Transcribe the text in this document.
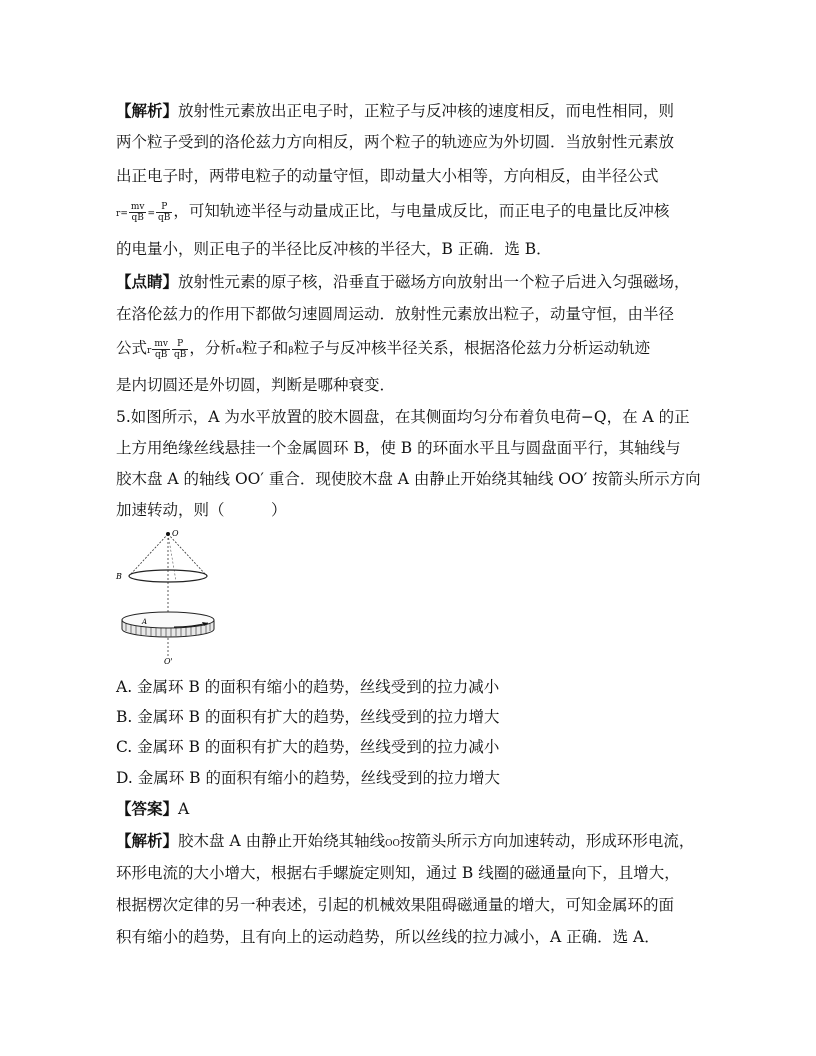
【解析】放射性元素放出正电子时，正粒子与反冲核的速度相反，而电性相同，则
两个粒子受到的洛伦兹力方向相反，两个粒子的轨迹应为外切圆．当放射性元素放
出正电子时，两带电粒子的动量守恒，即动量大小相等，方向相反，由半径公式
$r= \frac{mv}{qB} = \frac{P}{qB}$ ，可知轨迹半径与动量成正比，与电量成反比，而正电子的电量比反冲核
的电量小，则正电子的半径比反冲核的半径大，B 正确．选 B．
【点睛】放射性元素的原子核，沿垂直于磁场方向放射出一个粒子后进入匀强磁场，
在洛伦兹力的作用下都做匀速圆周运动．放射性元素放出粒子，动量守恒，由半径
公式r $\frac{mv}{qB} \frac{P}{qB}$ ，分析α粒子和β粒子与反冲核半径关系，根据洛伦兹力分析运动轨迹
是内切圆还是外切圆，判断是哪种衰变．
5.如图所示，A 为水平放置的胶木圆盘，在其侧面均匀分布着负电荷−Q，在 A 的正
上方用绝缘丝线悬挂一个金属圆环 B，使 B 的环面水平且与圆盘面平行，其轴线与
胶木盘 A 的轴线 OO′ 重合．现使胶木盘 A 由静止开始绕其轴线 OO′ 按箭头所示方向
加速转动，则（　　　）
O
B
A
O'
A. 金属环 B 的面积有缩小的趋势，丝线受到的拉力减小
B. 金属环 B 的面积有扩大的趋势，丝线受到的拉力增大
C. 金属环 B 的面积有扩大的趋势，丝线受到的拉力减小
D. 金属环 B 的面积有缩小的趋势，丝线受到的拉力增大
【答案】A
【解析】胶木盘 A 由静止开始绕其轴线OO按箭头所示方向加速转动，形成环形电流，
环形电流的大小增大，根据右手螺旋定则知，通过 B 线圈的磁通量向下，且增大，
根据楞次定律的另一种表述，引起的机械效果阻碍磁通量的增大，可知金属环的面
积有缩小的趋势，且有向上的运动趋势，所以丝线的拉力减小，A 正确．选 A．
